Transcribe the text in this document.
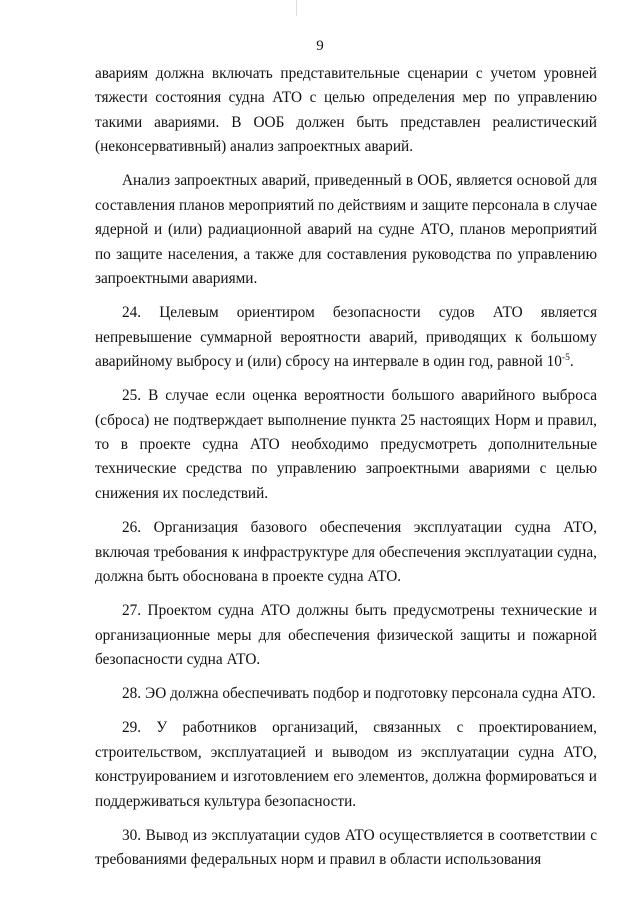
9

авариям должна включать представительные сценарии с учетом уровней тяжести состояния судна АТО с целью определения мер по управлению такими авариями. В ООБ должен быть представлен реалистический (неконсервативный) анализ запроектных аварий.

Анализ запроектных аварий, приведенный в ООБ, является основой для составления планов мероприятий по действиям и защите персонала в случае ядерной и (или) радиационной аварий на судне АТО, планов мероприятий по защите населения, а также для составления руководства по управлению запроектными авариями.

24. Целевым ориентиром безопасности судов АТО является непревышение суммарной вероятности аварий, приводящих к большому аварийному выбросу и (или) сбросу на интервале в один год, равной $10^{-5}$.

25. В случае если оценка вероятности большого аварийного выброса (сброса) не подтверждает выполнение пункта 25 настоящих Норм и правил, то в проекте судна АТО необходимо предусмотреть дополнительные технические средства по управлению запроектными авариями с целью снижения их последствий.

26. Организация базового обеспечения эксплуатации судна АТО, включая требования к инфраструктуре для обеспечения эксплуатации судна, должна быть обоснована в проекте судна АТО.

27. Проектом судна АТО должны быть предусмотрены технические и организационные меры для обеспечения физической защиты и пожарной безопасности судна АТО.

28. ЭО должна обеспечивать подбор и подготовку персонала судна АТО.

29. У работников организаций, связанных с проектированием, строительством, эксплуатацией и выводом из эксплуатации судна АТО, конструированием и изготовлением его элементов, должна формироваться и поддерживаться культура безопасности.

30. Вывод из эксплуатации судов АТО осуществляется в соответствии с требованиями федеральных норм и правил в области использования
